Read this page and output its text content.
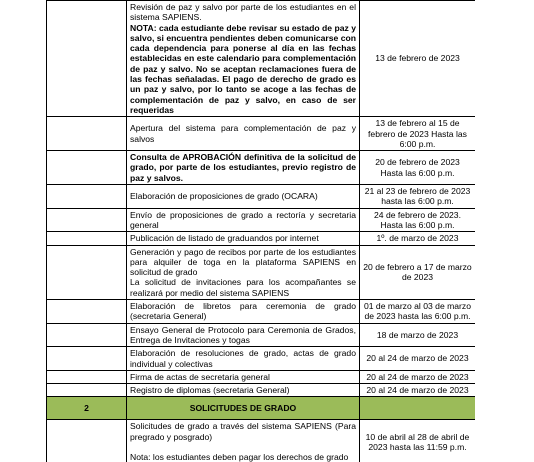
	Revisión de paz y salvo por parte de los estudiantes en el sistema SAPIENS.
NOTA: cada estudiante debe revisar su estado de paz y salvo, si encuentra pendientes deben comunicarse con cada dependencia para ponerse al día en las fechas establecidas en este calendario para complementación de paz y salvo. No se aceptan reclamaciones fuera de las fechas señaladas. El pago de derecho de grado es un paz y salvo, por lo tanto se acoge a las fechas de complementación de paz y salvo, en caso de ser requeridas	13 de febrero de 2023

	Apertura del sistema para complementación de paz y salvos	13 de febrero al 15 de febrero de 2023 Hasta las 6:00 p.m.

	Consulta de APROBACIÓN definitiva de la solicitud de grado, por parte de los estudiantes, previo registro de paz y salvos.	20 de febrero de 2023 Hasta las 6:00 p.m.

	Elaboración de proposiciones de grado (OCARA)	21 al 23 de febrero de 2023 hasta las 6:00 p.m.

	Envío de proposiciones de grado a rectoría y secretaria general	24 de febrero de 2023. Hasta las 6:00 p.m.

	Publicación de listado de graduandos por internet	1º. de marzo de 2023

	Generación y pago de recibos por parte de los estudiantes para alquiler de toga en la plataforma SAPIENS en solicitud de grado
La solicitud de invitaciones para los acompañantes se realizará por medio del sistema SAPIENS	20 de febrero a 17 de marzo de 2023

	Elaboración de libretos para ceremonia de grado (secretaria General)	01 de marzo al 03 de marzo de 2023 hasta las 6:00 p.m.

	Ensayo General de Protocolo para Ceremonia de Grados, Entrega de Invitaciones y togas	18 de marzo de 2023

	Elaboración de resoluciones de grado, actas de grado individual y colectivas	20 al 24 de marzo de 2023

	Firma de actas de secretaria general	20 al 24 de marzo de 2023

	Registro de diplomas (secretaria General)	20 al 24 de marzo de 2023
2	SOLICITUDES DE GRADO	

	Solicitudes de grado a través del sistema SAPIENS (Para pregrado y posgrado)
Nota: los estudiantes deben pagar los derechos de grado	10 de abril al 28 de abril de 2023 hasta las 11:59 p.m.
